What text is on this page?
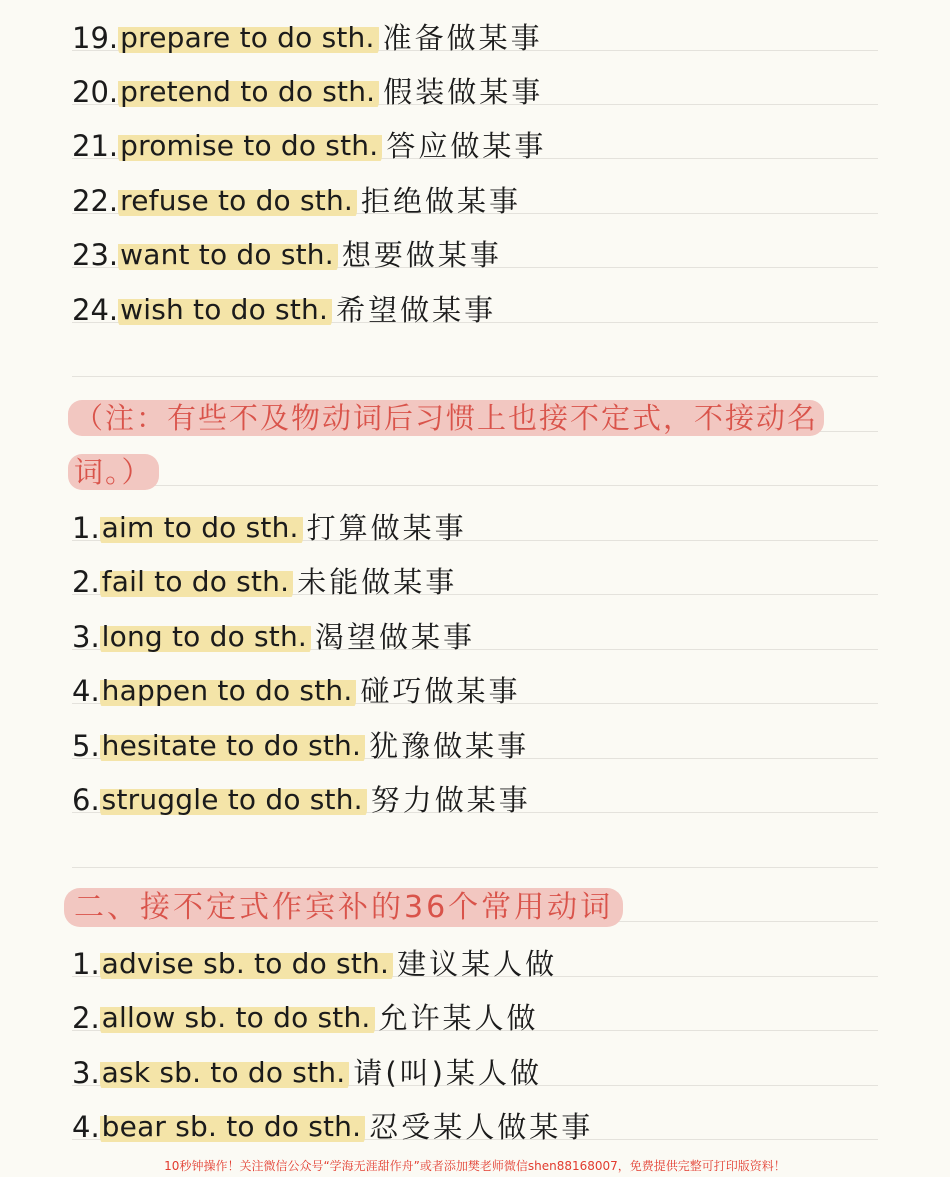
19. prepare to do sth. 准备做某事
20. pretend to do sth. 假装做某事
21. promise to do sth. 答应做某事
22. refuse to do sth. 拒绝做某事
23. want to do sth. 想要做某事
24. wish to do sth. 希望做某事
（注：有些不及物动词后习惯上也接不定式，不接动名
词。）
1. aim to do sth. 打算做某事
2. fail to do sth. 未能做某事
3. long to do sth. 渴望做某事
4. happen to do sth. 碰巧做某事
5. hesitate to do sth. 犹豫做某事
6. struggle to do sth. 努力做某事
二、接不定式作宾补的36个常用动词
1. advise sb. to do sth. 建议某人做
2. allow sb. to do sth. 允许某人做
3. ask sb. to do sth. 请(叫)某人做
4. bear sb. to do sth. 忍受某人做某事
10秒钟操作！关注微信公众号“学海无涯甜作舟”或者添加樊老师微信shen88168007，免费提供完整可打印版资料！
